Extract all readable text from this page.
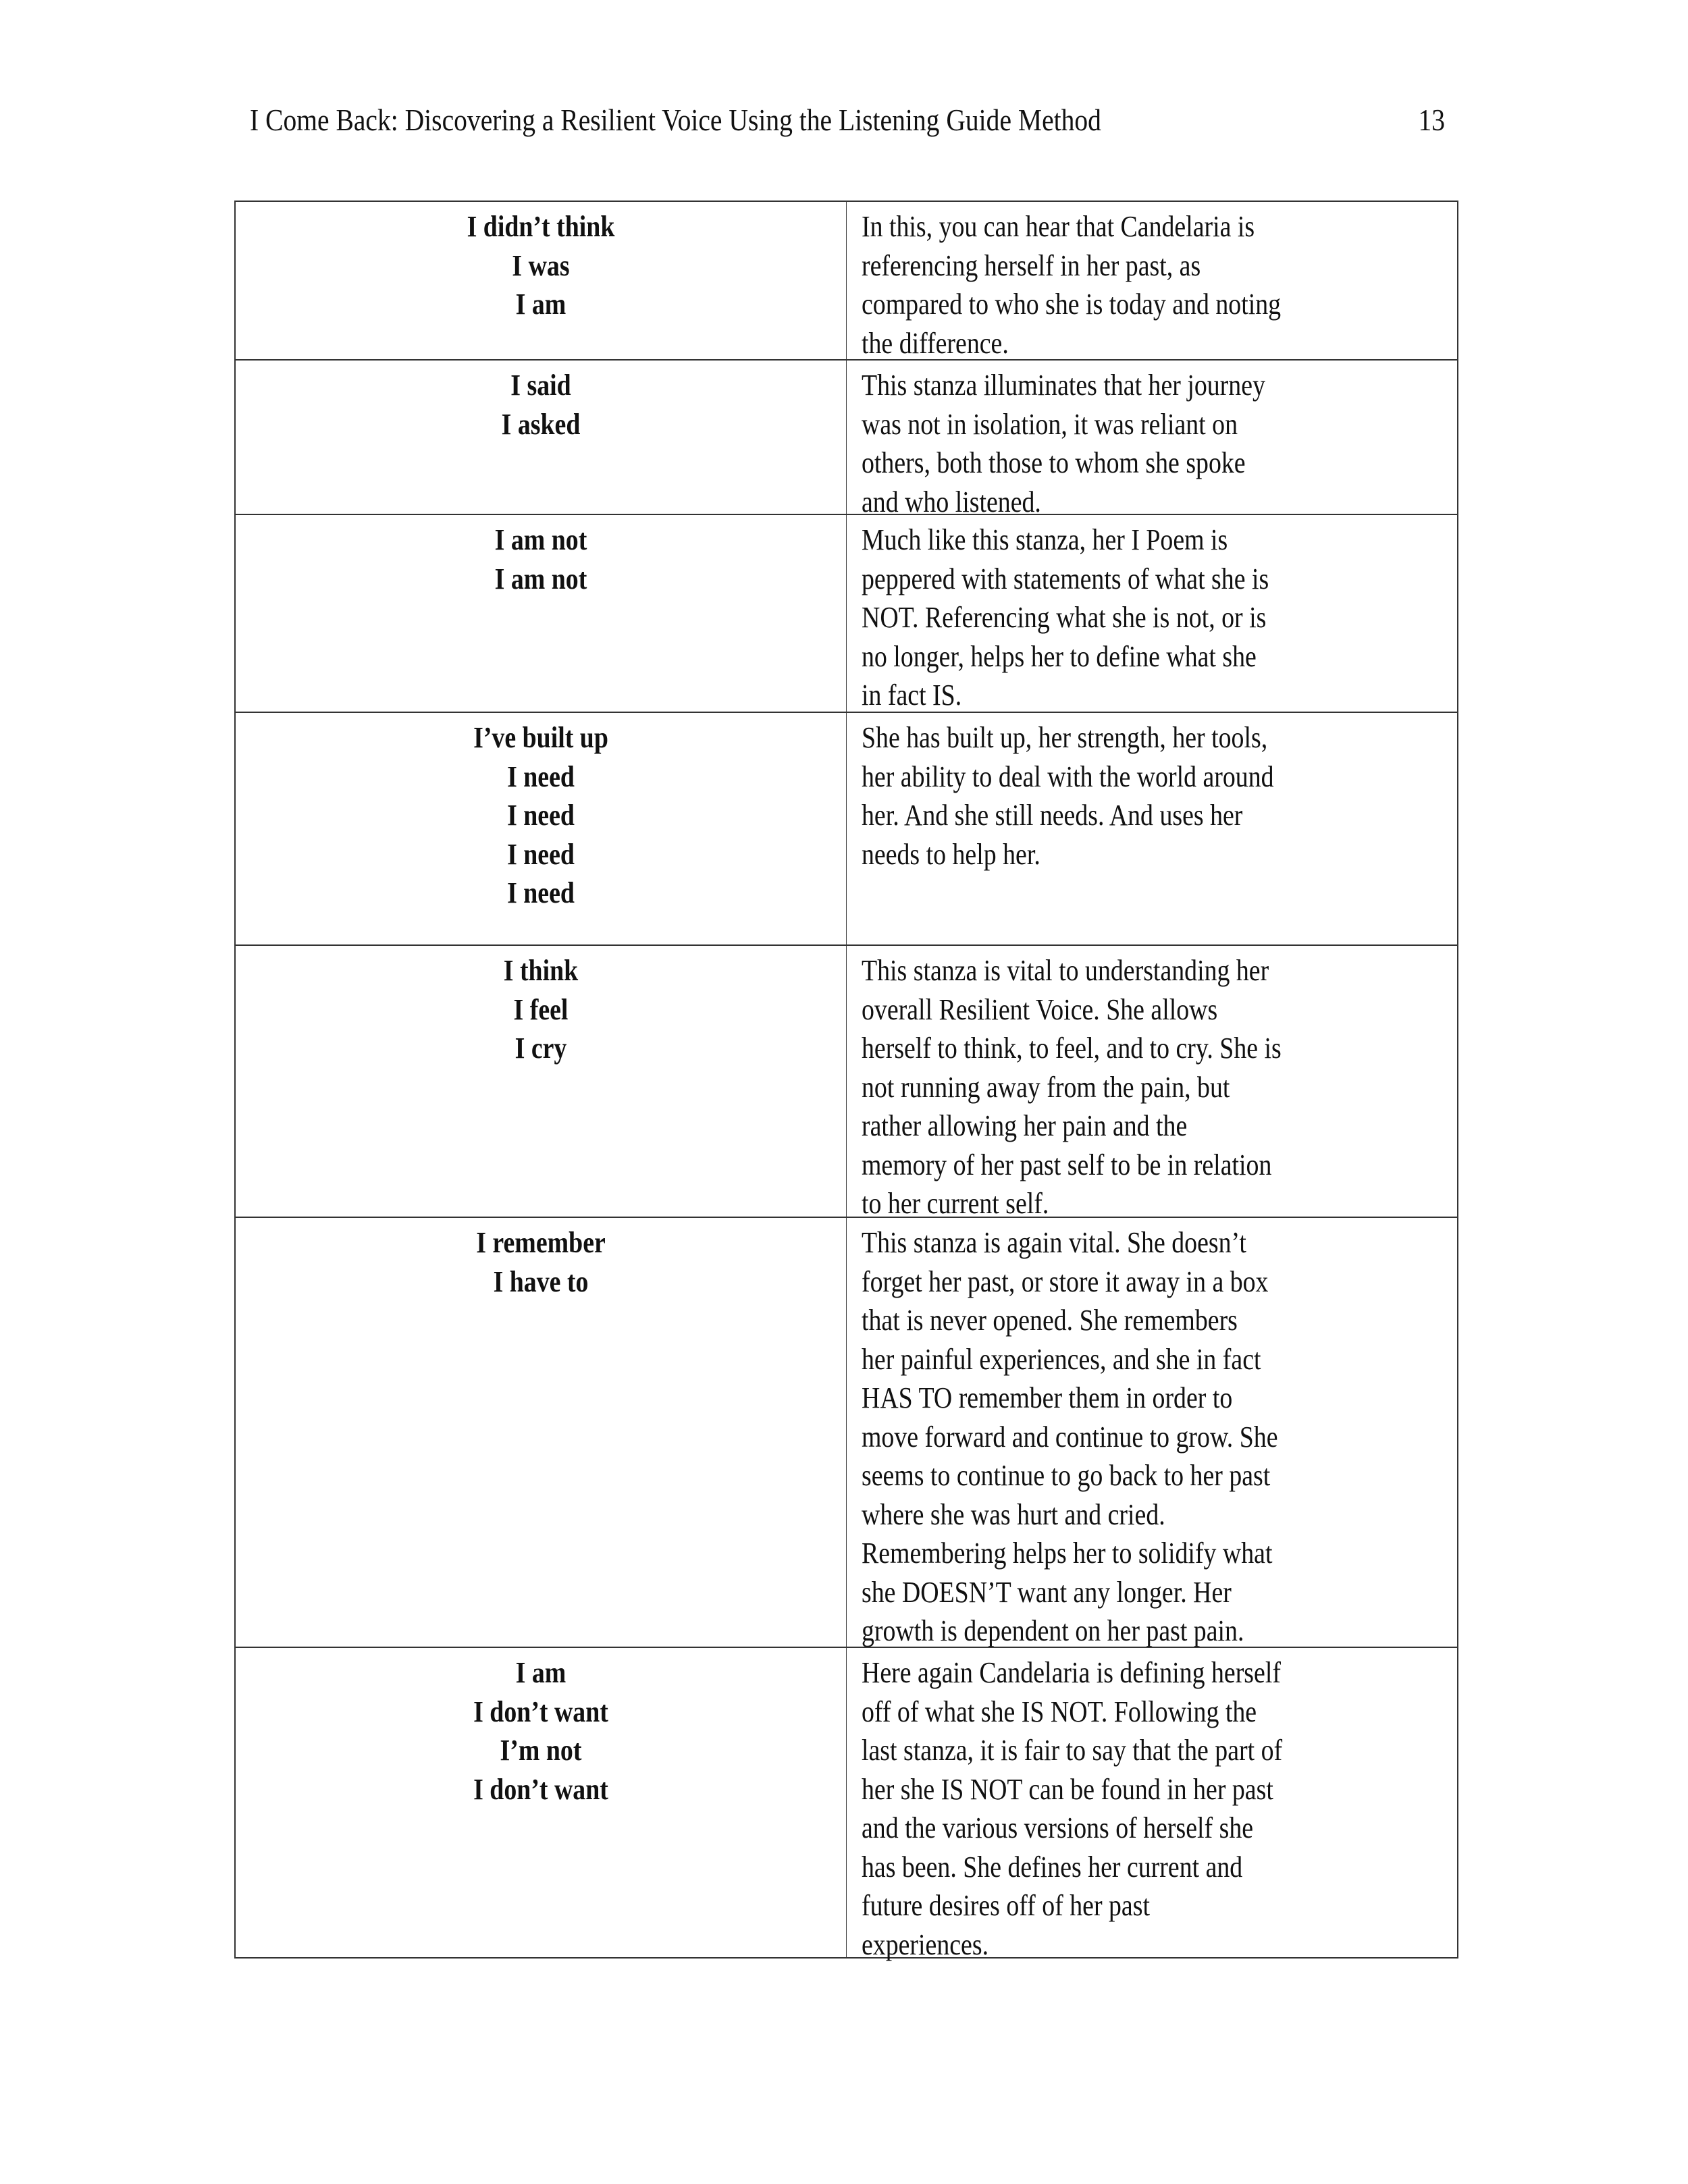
I Come Back: Discovering a Resilient Voice Using the Listening Guide Method	13
I didn’t think
I was
I am
In this, you can hear that Candelaria is
referencing herself in her past, as
compared to who she is today and noting
the difference.
I said
I asked
This stanza illuminates that her journey
was not in isolation, it was reliant on
others, both those to whom she spoke
and who listened.
I am not
I am not
Much like this stanza, her I Poem is
peppered with statements of what she is
NOT. Referencing what she is not, or is
no longer, helps her to define what she
in fact IS.
I’ve built up
I need
I need
I need
I need
She has built up, her strength, her tools,
her ability to deal with the world around
her. And she still needs. And uses her
needs to help her.
I think
I feel
I cry
This stanza is vital to understanding her
overall Resilient Voice. She allows
herself to think, to feel, and to cry. She is
not running away from the pain, but
rather allowing her pain and the
memory of her past self to be in relation
to her current self.
I remember
I have to
This stanza is again vital. She doesn’t
forget her past, or store it away in a box
that is never opened. She remembers
her painful experiences, and she in fact
HAS TO remember them in order to
move forward and continue to grow. She
seems to continue to go back to her past
where she was hurt and cried.
Remembering helps her to solidify what
she DOESN’T want any longer. Her
growth is dependent on her past pain.
I am
I don’t want
I’m not
I don’t want
Here again Candelaria is defining herself
off of what she IS NOT. Following the
last stanza, it is fair to say that the part of
her she IS NOT can be found in her past
and the various versions of herself she
has been. She defines her current and
future desires off of her past
experiences.
